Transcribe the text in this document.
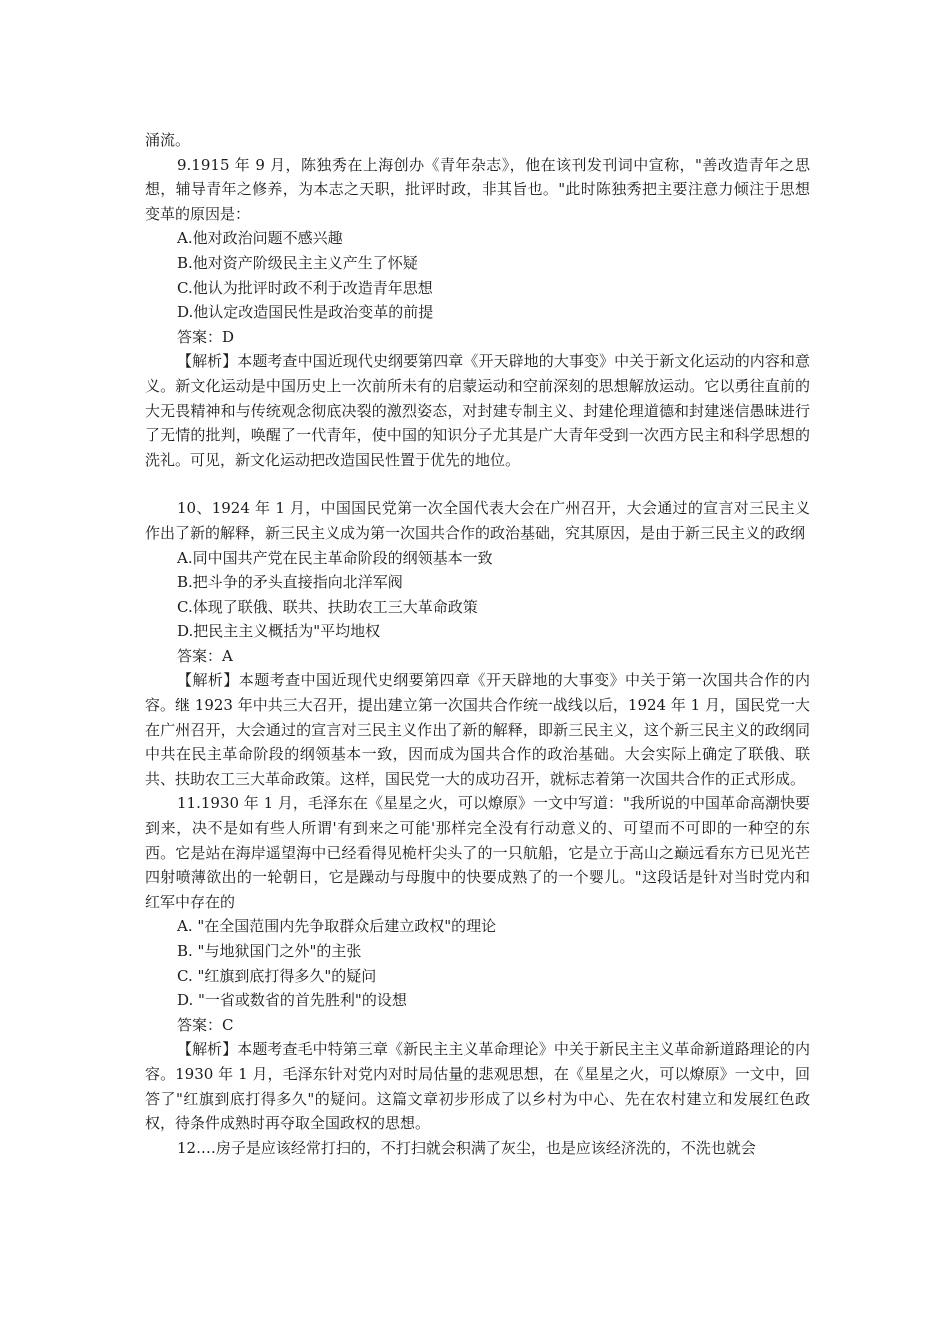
涌流。

9.1915 年 9 月，陈独秀在上海创办《青年杂志》，他在该刊发刊词中宣称，"善改造青年之思想，辅导青年之修养，为本志之天职，批评时政，非其旨也。"此时陈独秀把主要注意力倾注于思想变革的原因是：

A.他对政治问题不感兴趣

B.他对资产阶级民主主义产生了怀疑

C.他认为批评时政不利于改造青年思想

D.他认定改造国民性是政治变革的前提

答案：D

【解析】本题考查中国近现代史纲要第四章《开天辟地的大事变》中关于新文化运动的内容和意义。新文化运动是中国历史上一次前所未有的启蒙运动和空前深刻的思想解放运动。它以勇往直前的大无畏精神和与传统观念彻底决裂的激烈姿态，对封建专制主义、封建伦理道德和封建迷信愚昧进行了无情的批判，唤醒了一代青年，使中国的知识分子尤其是广大青年受到一次西方民主和科学思想的洗礼。可见，新文化运动把改造国民性置于优先的地位。

10、1924 年 1 月，中国国民党第一次全国代表大会在广州召开，大会通过的宣言对三民主义作出了新的解释，新三民主义成为第一次国共合作的政治基础，究其原因，是由于新三民主义的政纲

A.同中国共产党在民主革命阶段的纲领基本一致

B.把斗争的矛头直接指向北洋军阀

C.体现了联俄、联共、扶助农工三大革命政策

D.把民主主义概括为"平均地权

答案：A

【解析】本题考查中国近现代史纲要第四章《开天辟地的大事变》中关于第一次国共合作的内容。继 1923 年中共三大召开，提出建立第一次国共合作统一战线以后，1924 年 1 月，国民党一大在广州召开，大会通过的宣言对三民主义作出了新的解释，即新三民主义，这个新三民主义的政纲同中共在民主革命阶段的纲领基本一致，因而成为国共合作的政治基础。大会实际上确定了联俄、联共、扶助农工三大革命政策。这样，国民党一大的成功召开，就标志着第一次国共合作的正式形成。

11.1930 年 1 月，毛泽东在《星星之火，可以燎原》一文中写道："我所说的中国革命高潮快要到来，决不是如有些人所谓'有到来之可能'那样完全没有行动意义的、可望而不可即的一种空的东西。它是站在海岸遥望海中已经看得见桅杆尖头了的一只航船，它是立于高山之巅远看东方已见光芒四射喷薄欲出的一轮朝日，它是躁动与母腹中的快要成熟了的一个婴儿。"这段话是针对当时党内和红军中存在的

A. "在全国范围内先争取群众后建立政权"的理论

B. "与地狱国门之外"的主张

C. "红旗到底打得多久"的疑问

D. "一省或数省的首先胜利"的设想

答案：C

【解析】本题考查毛中特第三章《新民主主义革命理论》中关于新民主主义革命新道路理论的内容。1930 年 1 月，毛泽东针对党内对时局估量的悲观思想，在《星星之火，可以燎原》一文中，回答了"红旗到底打得多久"的疑问。这篇文章初步形成了以乡村为中心、先在农村建立和发展红色政权，待条件成熟时再夺取全国政权的思想。

12.…房子是应该经常打扫的，不打扫就会积满了灰尘，也是应该经济洗的，不洗也就会
